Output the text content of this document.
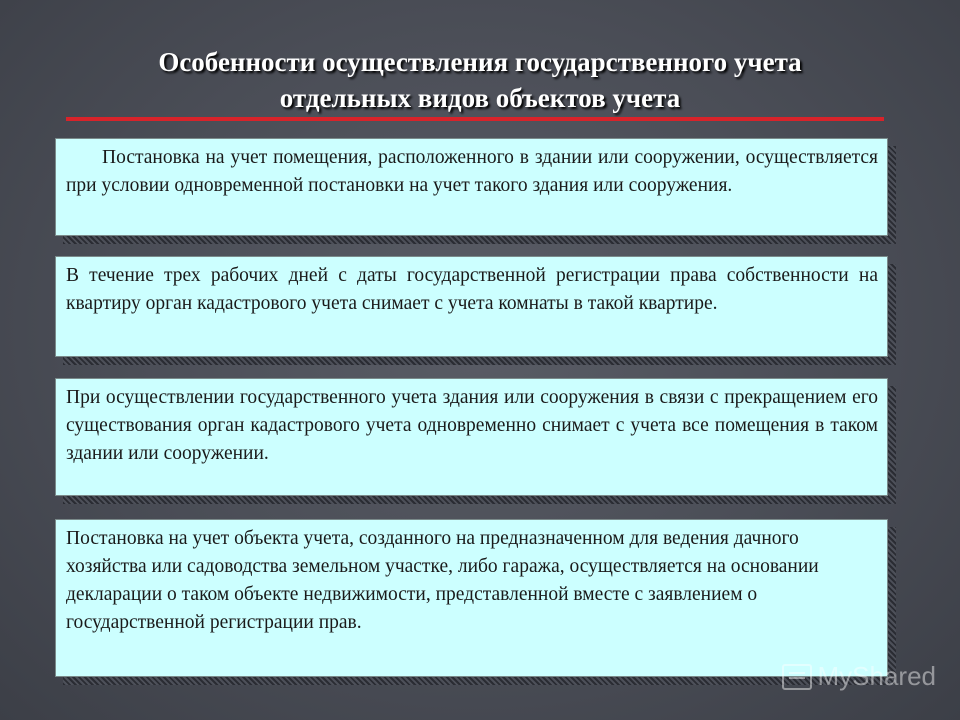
Особенности осуществления государственного учета
отдельных видов объектов учета

Постановка на учет помещения, расположенного в здании или сооружении, осуществляется при условии одновременной постановки на учет такого здания или сооружения.

В течение трех рабочих дней с даты государственной регистрации права собственности на квартиру орган кадастрового учета снимает с учета комнаты в такой квартире.

При осуществлении государственного учета здания или сооружения в связи с прекращением его существования орган кадастрового учета одновременно снимает с учета все помещения в таком здании или сооружении.

Постановка на учет объекта учета, созданного на предназначенном для ведения дачного хозяйства или садоводства земельном участке, либо гаража, осуществляется на основании декларации о таком объекте недвижимости, представленной вместе с заявлением о государственной регистрации прав.

MyShared
